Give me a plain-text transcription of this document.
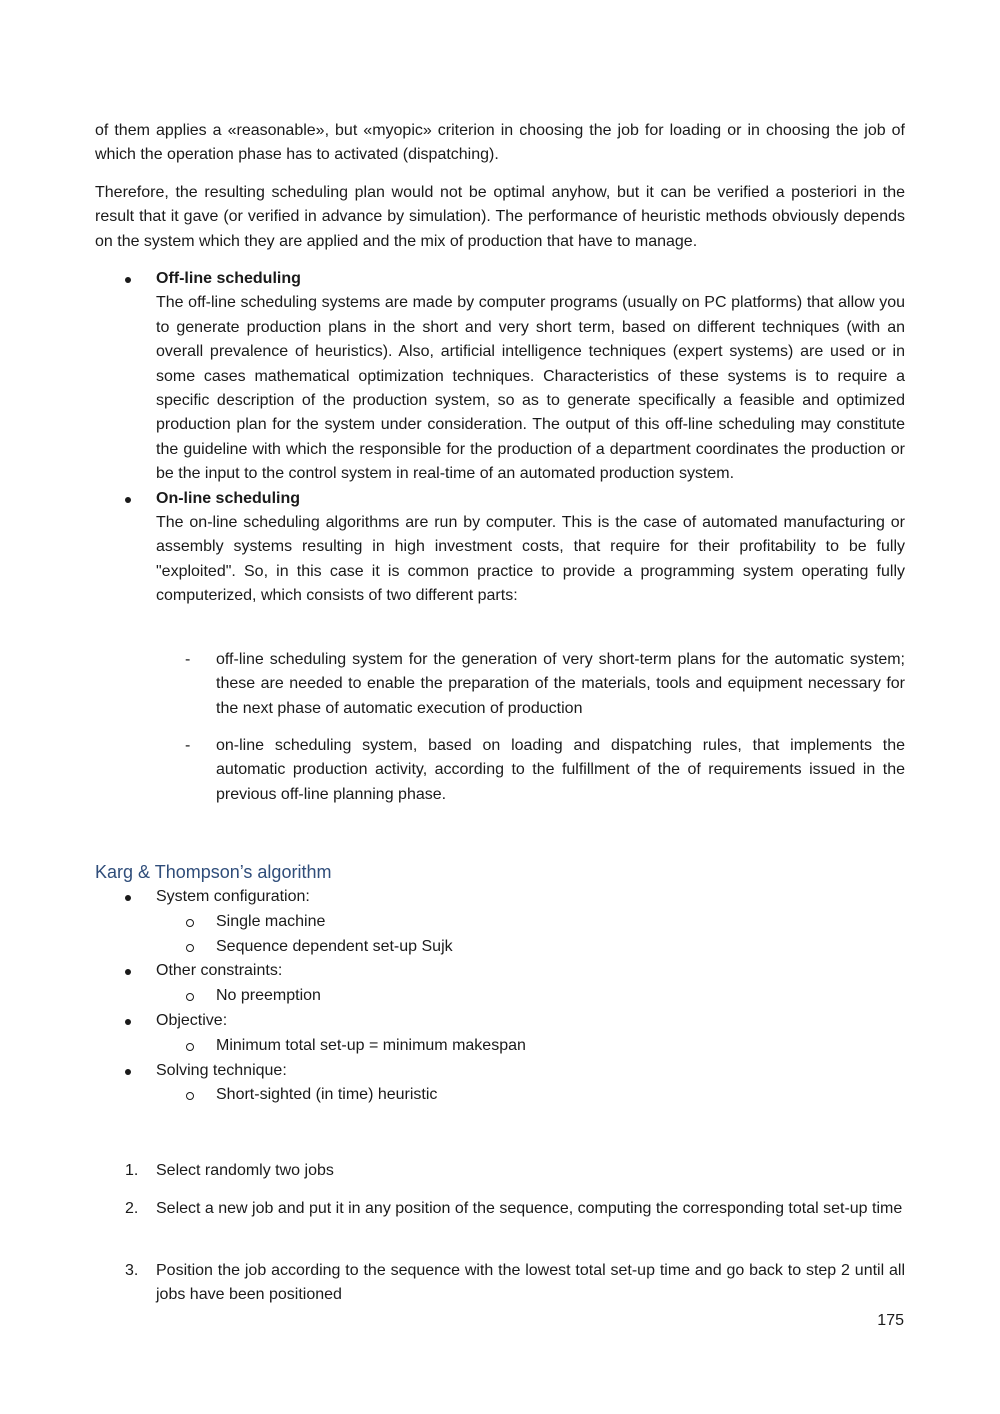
of them applies a «reasonable», but «myopic» criterion in choosing the job for loading or in choosing the job of which the operation phase has to activated (dispatching).

Therefore, the resulting scheduling plan would not be optimal anyhow, but it can be verified a posteriori in the result that it gave (or verified in advance by simulation). The performance of heuristic methods obviously depends on the system which they are applied and the mix of production that have to manage.

Off-line scheduling
The off-line scheduling systems are made by computer programs (usually on PC platforms) that allow you to generate production plans in the short and very short term, based on different techniques (with an overall prevalence of heuristics). Also, artificial intelligence techniques (expert systems) are used or in some cases mathematical optimization techniques. Characteristics of these systems is to require a specific description of the production system, so as to generate specifically a feasible and optimized production plan for the system under consideration. The output of this off-line scheduling may constitute the guideline with which the responsible for the production of a department coordinates the production or be the input to the control system in real-time of an automated production system.
On-line scheduling
The on-line scheduling algorithms are run by computer. This is the case of automated manufacturing or assembly systems resulting in high investment costs, that require for their profitability to be fully "exploited". So, in this case it is common practice to provide a programming system operating fully computerized, which consists of two different parts:
- off-line scheduling system for the generation of very short-term plans for the automatic system; these are needed to enable the preparation of the materials, tools and equipment necessary for the next phase of automatic execution of production
- on-line scheduling system, based on loading and dispatching rules, that implements the automatic production activity, according to the fulfillment of the of requirements issued in the previous off-line planning phase.
Karg & Thompson’s algorithm
System configuration:
Single machine
Sequence dependent set-up Sujk
Other constraints:
No preemption
Objective:
Minimum total set-up = minimum makespan
Solving technique:
Short-sighted (in time) heuristic
1. Select randomly two jobs
2. Select a new job and put it in any position of the sequence, computing the corresponding total set-up time
3. Position the job according to the sequence with the lowest total set-up time and go back to step 2 until all jobs have been positioned

175
